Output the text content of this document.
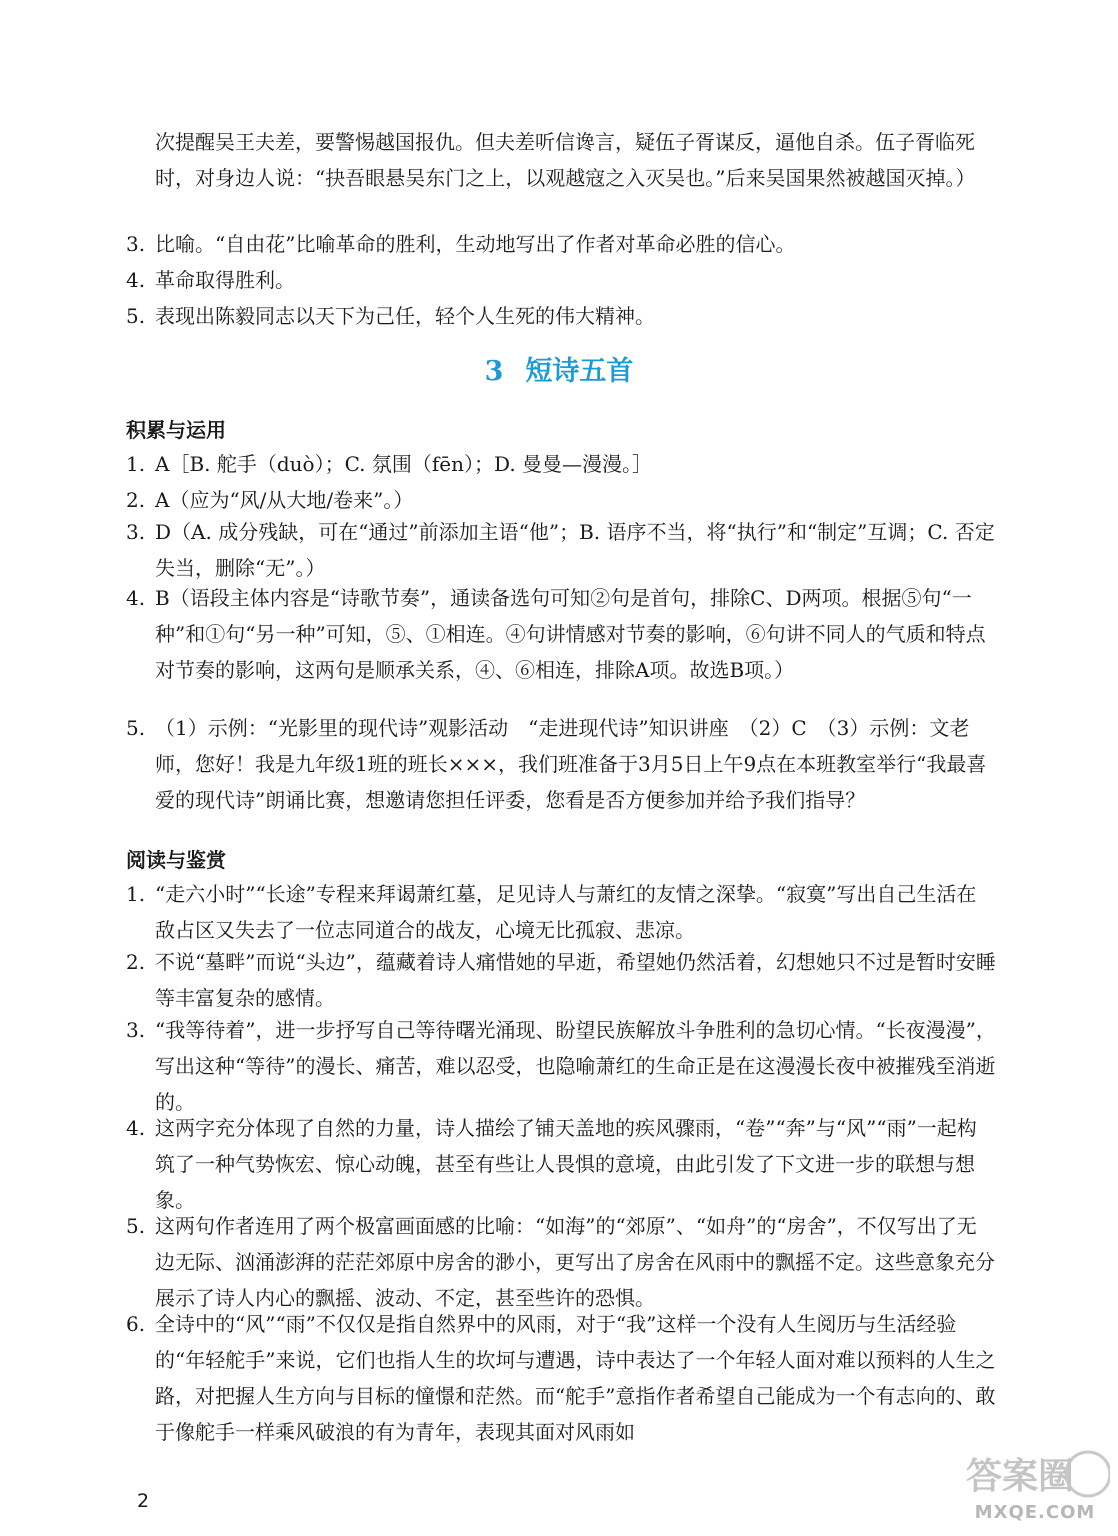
次提醒吴王夫差，要警惕越国报仇。但夫差听信谗言，疑伍子胥谋反，逼他自杀。伍子胥临死时，对身边人说：“抉吾眼悬吴东门之上，以观越寇之入灭吴也。”后来吴国果然被越国灭掉。）

3. 比喻。“自由花”比喻革命的胜利，生动地写出了作者对革命必胜的信心。
4. 革命取得胜利。
5. 表现出陈毅同志以天下为己任，轻个人生死的伟大精神。
3 短诗五首
积累与运用
1. A［B. 舵手（duò）；C. 氛围（fēn）；D. 曼曼—漫漫。］
2. A（应为“风/从大地/卷来”。）
3. D（A. 成分残缺，可在“通过”前添加主语“他”；B. 语序不当，将“执行”和“制定”互调；C. 否定失当，删除“无”。）
4. B（语段主体内容是“诗歌节奏”，通读备选句可知②句是首句，排除C、D两项。根据⑤句“一种”和①句“另一种”可知，⑤、①相连。④句讲情感对节奏的影响，⑥句讲不同人的气质和特点对节奏的影响，这两句是顺承关系，④、⑥相连，排除A项。故选B项。）
5. （1）示例：“光影里的现代诗”观影活动　“走进现代诗”知识讲座　（2）C　（3）示例：文老师，您好！我是九年级1班的班长×××，我们班准备于3月5日上午9点在本班教室举行“我最喜爱的现代诗”朗诵比赛，想邀请您担任评委，您看是否方便参加并给予我们指导？
阅读与鉴赏
1. “走六小时”“长途”专程来拜谒萧红墓，足见诗人与萧红的友情之深挚。“寂寞”写出自己生活在敌占区又失去了一位志同道合的战友，心境无比孤寂、悲凉。
2. 不说“墓畔”而说“头边”，蕴藏着诗人痛惜她的早逝，希望她仍然活着，幻想她只不过是暂时安睡等丰富复杂的感情。
3. “我等待着”，进一步抒写自己等待曙光涌现、盼望民族解放斗争胜利的急切心情。“长夜漫漫”，写出这种“等待”的漫长、痛苦，难以忍受，也隐喻萧红的生命正是在这漫漫长夜中被摧残至消逝的。
4. 这两字充分体现了自然的力量，诗人描绘了铺天盖地的疾风骤雨，“卷”“奔”与“风”“雨”一起构筑了一种气势恢宏、惊心动魄，甚至有些让人畏惧的意境，由此引发了下文进一步的联想与想象。
5. 这两句作者连用了两个极富画面感的比喻：“如海”的“郊原”、“如舟”的“房舍”，不仅写出了无边无际、汹涌澎湃的茫茫郊原中房舍的渺小，更写出了房舍在风雨中的飘摇不定。这些意象充分展示了诗人内心的飘摇、波动、不定，甚至些许的恐惧。
6. 全诗中的“风”“雨”不仅仅是指自然界中的风雨，对于“我”这样一个没有人生阅历与生活经验的“年轻舵手”来说，它们也指人生的坎坷与遭遇，诗中表达了一个年轻人面对难以预料的人生之路，对把握人生方向与目标的憧憬和茫然。而“舵手”意指作者希望自己能成为一个有志向的、敢于像舵手一样乘风破浪的有为青年，表现其面对风雨如
2
答案圈
MXQE.COM
